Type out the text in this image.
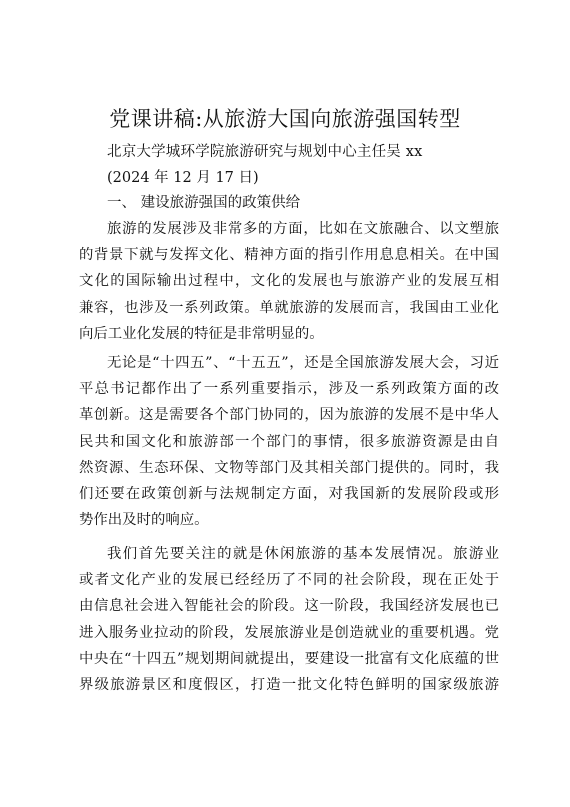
党课讲稿:从旅游大国向旅游强国转型
北京大学城环学院旅游研究与规划中心主任吴 xx
(2024 年 12 月 17 日)
一、 建设旅游强国的政策供给
旅游的发展涉及非常多的方面，比如在文旅融合、以文塑旅
的背景下就与发挥文化、精神方面的指引作用息息相关。在中国
文化的国际输出过程中，文化的发展也与旅游产业的发展互相
兼容，也涉及一系列政策。单就旅游的发展而言，我国由工业化
向后工业化发展的特征是非常明显的。
无论是“十四五”、“十五五”，还是全国旅游发展大会，习近
平总书记都作出了一系列重要指示，涉及一系列政策方面的改
革创新。这是需要各个部门协同的，因为旅游的发展不是中华人
民共和国文化和旅游部一个部门的事情，很多旅游资源是由自
然资源、生态环保、文物等部门及其相关部门提供的。同时，我
们还要在政策创新与法规制定方面，对我国新的发展阶段或形
势作出及时的响应。
我们首先要关注的就是休闲旅游的基本发展情况。旅游业
或者文化产业的发展已经经历了不同的社会阶段，现在正处于
由信息社会进入智能社会的阶段。这一阶段，我国经济发展也已
进入服务业拉动的阶段，发展旅游业是创造就业的重要机遇。党
中央在“十四五”规划期间就提出，要建设一批富有文化底蕴的世
界级旅游景区和度假区，打造一批文化特色鲜明的国家级旅游
